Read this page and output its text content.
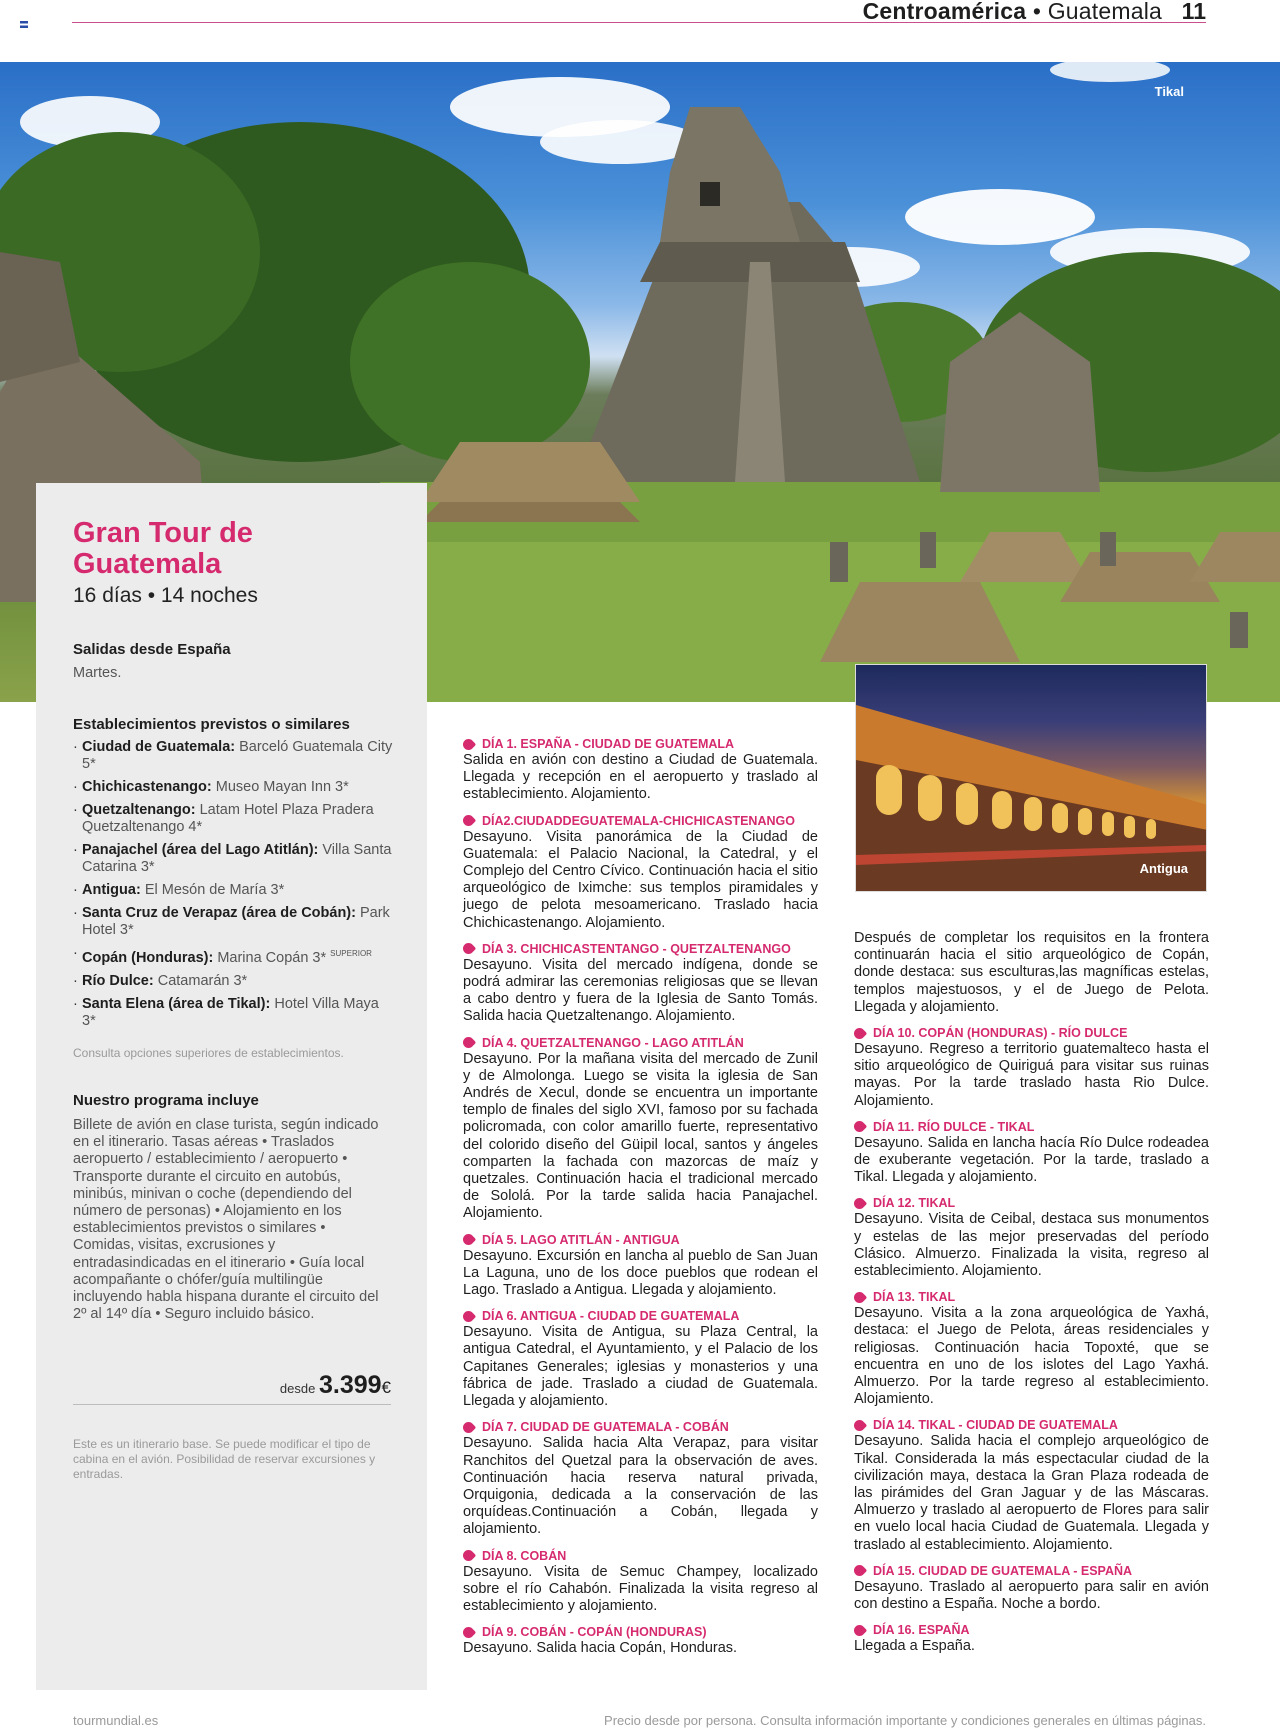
Centroamérica • Guatemala 11
Tikal
Gran Tour de Guatemala
16 días • 14 noches
Salidas desde España
Martes.
Establecimientos previstos o similares
· Ciudad de Guatemala: Barceló Guatemala City 5*
· Chichicastenango: Museo Mayan Inn 3*
· Quetzaltenango: Latam Hotel Plaza Pradera Quetzaltenango 4*
· Panajachel (área del Lago Atitlán): Villa Santa Catarina 3*
· Antigua: El Mesón de María 3*
· Santa Cruz de Verapaz (área de Cobán): Park Hotel 3*
· Copán (Honduras): Marina Copán 3* $^{SUPERIOR}$
· Río Dulce: Catamarán 3*
· Santa Elena (área de Tikal): Hotel Villa Maya 3*
Consulta opciones superiores de establecimientos.
Nuestro programa incluye
Billete de avión en clase turista, según indicado en el itinerario. Tasas aéreas • Traslados aeropuerto / establecimiento / aeropuerto • Transporte durante el circuito en autobús, minibús, minivan o coche (dependiendo del número de personas) • Alojamiento en los establecimientos previstos o similares • Comidas, visitas, excrusiones y entradasindicadas en el itinerario • Guía local acompañante o chófer/guía multilingüe incluyendo habla hispana durante el circuito del 2º al 14º día • Seguro incluido básico.
desde 3.399€
Este es un itinerario base. Se puede modificar el tipo de cabina en el avión. Posibilidad de reservar excursiones y entradas.
DÍA 1. ESPAÑA - CIUDAD DE GUATEMALA
Salida en avión con destino a Ciudad de Guatemala. Llegada y recepción en el aeropuerto y traslado al establecimiento. Alojamiento.
DÍA2.CIUDADDEGUATEMALA-CHICHICASTENANGO
Desayuno. Visita panorámica de la Ciudad de Guatemala: el Palacio Nacional, la Catedral, y el Complejo del Centro Cívico. Continuación hacia el sitio arqueológico de Iximche: sus templos piramidales y juego de pelota mesoamericano. Traslado hacia Chichicastenango. Alojamiento.
DÍA 3. CHICHICASTENTANGO - QUETZALTENANGO
Desayuno. Visita del mercado indígena, donde se podrá admirar las ceremonias religiosas que se llevan a cabo dentro y fuera de la Iglesia de Santo Tomás. Salida hacia Quetzaltenango. Alojamiento.
DÍA 4. QUETZALTENANGO - LAGO ATITLÁN
Desayuno. Por la mañana visita del mercado de Zunil y de Almolonga. Luego se visita la iglesia de San Andrés de Xecul, donde se encuentra un importante templo de finales del siglo XVI, famoso por su fachada policromada, con color amarillo fuerte, representativo del colorido diseño del Güipil local, santos y ángeles comparten la fachada con mazorcas de maíz y quetzales. Continuación hacia el tradicional mercado de Sololá. Por la tarde salida hacia Panajachel. Alojamiento.
DÍA 5. LAGO ATITLÁN - ANTIGUA
Desayuno. Excursión en lancha al pueblo de San Juan La Laguna, uno de los doce pueblos que rodean el Lago. Traslado a Antigua. Llegada y alojamiento.
DÍA 6. ANTIGUA - CIUDAD DE GUATEMALA
Desayuno. Visita de Antigua, su Plaza Central, la antigua Catedral, el Ayuntamiento, y el Palacio de los Capitanes Generales; iglesias y monasterios y una fábrica de jade. Traslado a ciudad de Guatemala. Llegada y alojamiento.
DÍA 7. CIUDAD DE GUATEMALA - COBÁN
Desayuno. Salida hacia Alta Verapaz, para visitar Ranchitos del Quetzal para la observación de aves. Continuación hacia reserva natural privada, Orquigonia, dedicada a la conservación de las orquídeas.Continuación a Cobán, llegada y alojamiento.
DÍA 8. COBÁN
Desayuno. Visita de Semuc Champey, localizado sobre el río Cahabón. Finalizada la visita regreso al establecimiento y alojamiento.
DÍA 9. COBÁN - COPÁN (HONDURAS)
Desayuno. Salida hacia Copán, Honduras.
Antigua
Después de completar los requisitos en la frontera continuarán hacia el sitio arqueológico de Copán, donde destaca: sus esculturas,las magníficas estelas, templos majestuosos, y el de Juego de Pelota. Llegada y alojamiento.
DÍA 10. COPÁN (HONDURAS) - RÍO DULCE
Desayuno. Regreso a territorio guatemalteco hasta el sitio arqueológico de Quiriguá para visitar sus ruinas mayas. Por la tarde traslado hasta Rio Dulce. Alojamiento.
DÍA 11. RÍO DULCE - TIKAL
Desayuno. Salida en lancha hacía Río Dulce rodeadea de exuberante vegetación. Por la tarde, traslado a Tikal. Llegada y alojamiento.
DÍA 12. TIKAL
Desayuno. Visita de Ceibal, destaca sus monumentos y estelas de las mejor preservadas del período Clásico. Almuerzo. Finalizada la visita, regreso al establecimiento. Alojamiento.
DÍA 13. TIKAL
Desayuno. Visita a la zona arqueológica de Yaxhá, destaca: el Juego de Pelota, áreas residenciales y religiosas. Continuación hacia Topoxté, que se encuentra en uno de los islotes del Lago Yaxhá. Almuerzo. Por la tarde regreso al establecimiento. Alojamiento.
DÍA 14. TIKAL - CIUDAD DE GUATEMALA
Desayuno. Salida hacia el complejo arqueológico de Tikal. Considerada la más espectacular ciudad de la civilización maya, destaca la Gran Plaza rodeada de las pirámides del Gran Jaguar y de las Máscaras. Almuerzo y traslado al aeropuerto de Flores para salir en vuelo local hacia Ciudad de Guatemala. Llegada y traslado al establecimiento. Alojamiento.
DÍA 15. CIUDAD DE GUATEMALA - ESPAÑA
Desayuno. Traslado al aeropuerto para salir en avión con destino a España. Noche a bordo.
DÍA 16. ESPAÑA
Llegada a España.
tourmundial.es	Precio desde por persona. Consulta información importante y condiciones generales en últimas páginas.
